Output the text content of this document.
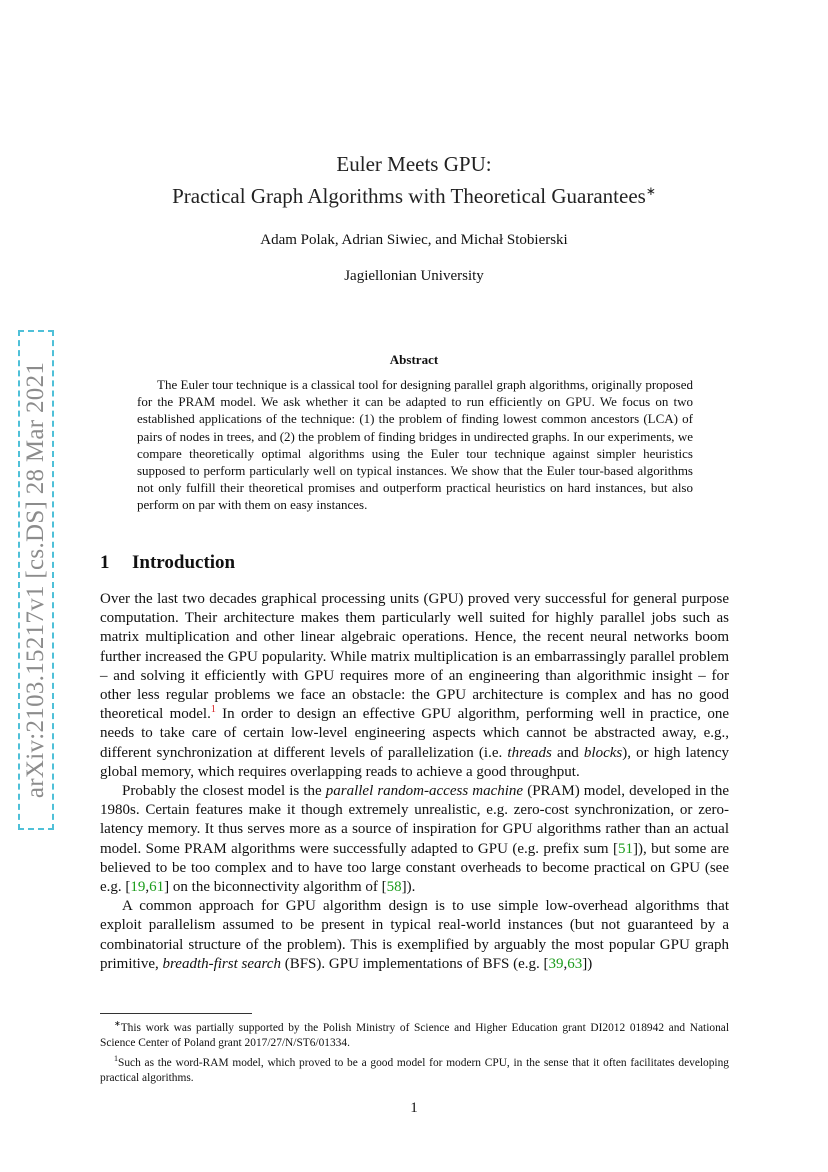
arXiv:2103.15217v1 [cs.DS] 28 Mar 2021
Euler Meets GPU:
Practical Graph Algorithms with Theoretical Guarantees∗
Adam Polak, Adrian Siwiec, and Michał Stobierski
Jagiellonian University
Abstract

The Euler tour technique is a classical tool for designing parallel graph algorithms, originally proposed for the PRAM model. We ask whether it can be adapted to run efficiently on GPU. We focus on two established applications of the technique: (1) the problem of finding lowest common ancestors (LCA) of pairs of nodes in trees, and (2) the problem of finding bridges in undirected graphs. In our experiments, we compare theoretically optimal algorithms using the Euler tour technique against simpler heuristics supposed to perform particularly well on typical instances. We show that the Euler tour-based algorithms not only fulfill their theoretical promises and outperform practical heuristics on hard instances, but also perform on par with them on easy instances.

1 Introduction

Over the last two decades graphical processing units (GPU) proved very successful for general purpose computation. Their architecture makes them particularly well suited for highly parallel jobs such as matrix multiplication and other linear algebraic operations. Hence, the recent neural networks boom further increased the GPU popularity. While matrix multiplication is an embarrassingly parallel problem – and solving it efficiently with GPU requires more of an engineering than algorithmic insight – for other less regular problems we face an obstacle: the GPU architecture is complex and has no good theoretical model.$^1$ In order to design an effective GPU algorithm, performing well in practice, one needs to take care of certain low-level engineering aspects which cannot be abstracted away, e.g., different synchronization at different levels of parallelization (i.e. threads and blocks), or high latency global memory, which requires overlapping reads to achieve a good throughput.

Probably the closest model is the parallel random-access machine (PRAM) model, developed in the 1980s. Certain features make it though extremely unrealistic, e.g. zero-cost synchronization, or zero-latency memory. It thus serves more as a source of inspiration for GPU algorithms rather than an actual model. Some PRAM algorithms were successfully adapted to GPU (e.g. prefix sum [51]), but some are believed to be too complex and to have too large constant overheads to become practical on GPU (see e.g. [19,61] on the biconnectivity algorithm of [58]).

A common approach for GPU algorithm design is to use simple low-overhead algorithms that exploit parallelism assumed to be present in typical real-world instances (but not guaranteed by a combinatorial structure of the problem). This is exemplified by arguably the most popular GPU graph primitive, breadth-first search (BFS). GPU implementations of BFS (e.g. [39,63])

∗This work was partially supported by the Polish Ministry of Science and Higher Education grant DI2012 018942 and National Science Center of Poland grant 2017/27/N/ST6/01334.

$^1$Such as the word-RAM model, which proved to be a good model for modern CPU, in the sense that it often facilitates developing practical algorithms.

1
